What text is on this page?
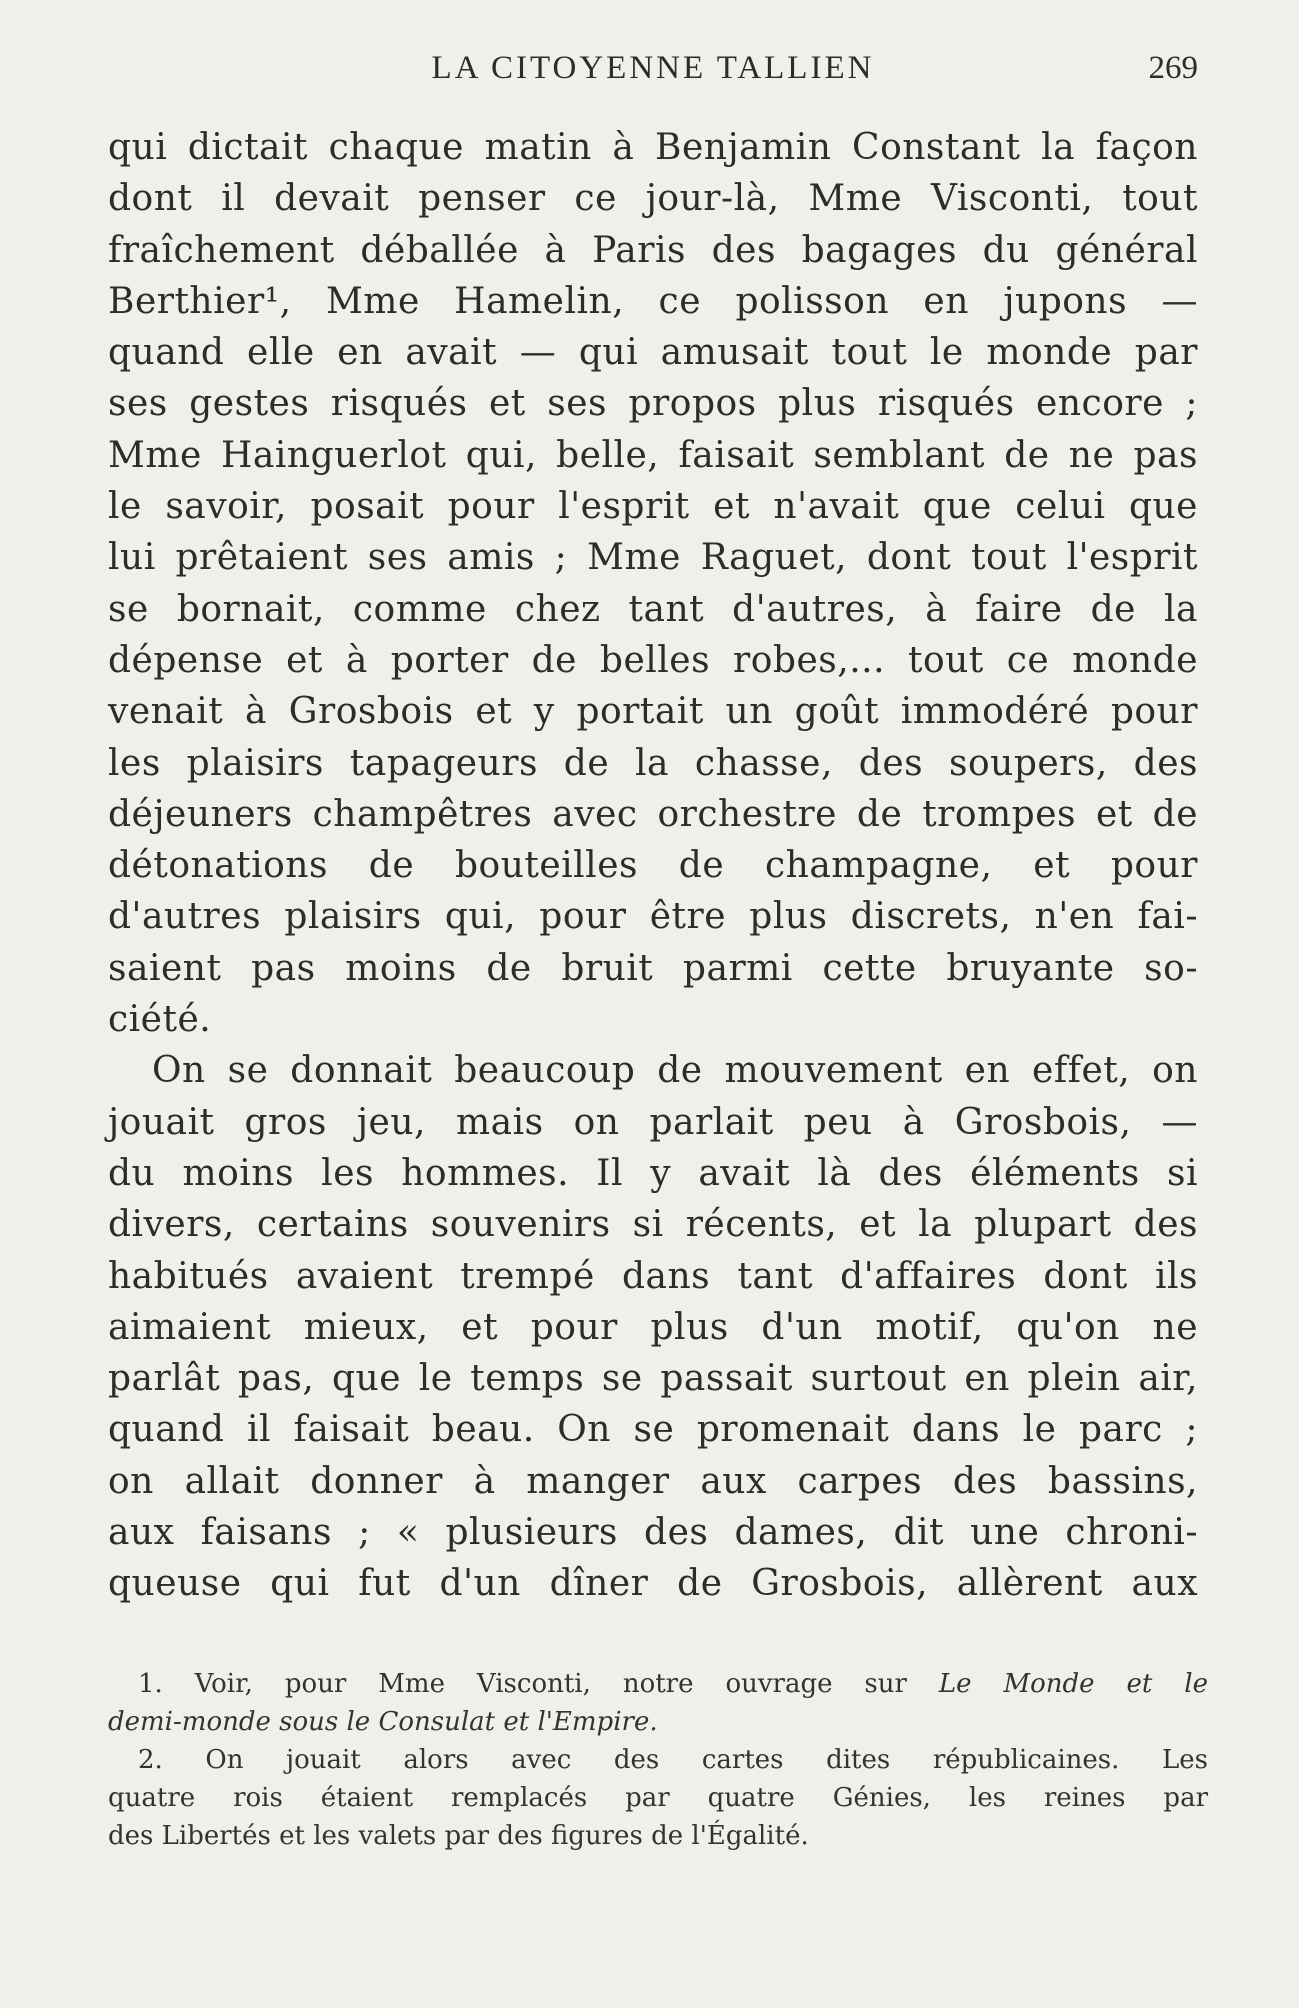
LA CITOYENNE TALLIEN	269
qui dictait chaque matin à Benjamin Constant la façon
dont il devait penser ce jour-là, Mme Visconti, tout
fraîchement déballée à Paris des bagages du général
Berthier¹, Mme Hamelin, ce polisson en jupons —
quand elle en avait — qui amusait tout le monde par
ses gestes risqués et ses propos plus risqués encore ;
Mme Hainguerlot qui, belle, faisait semblant de ne pas
le savoir, posait pour l'esprit et n'avait que celui que
lui prêtaient ses amis ; Mme Raguet, dont tout l'esprit
se bornait, comme chez tant d'autres, à faire de la
dépense et à porter de belles robes,... tout ce monde
venait à Grosbois et y portait un goût immodéré pour
les plaisirs tapageurs de la chasse, des soupers, des
déjeuners champêtres avec orchestre de trompes et de
détonations de bouteilles de champagne, et pour
d'autres plaisirs qui, pour être plus discrets, n'en fai-
saient pas moins de bruit parmi cette bruyante so-
ciété.
On se donnait beaucoup de mouvement en effet, on
jouait gros jeu, mais on parlait peu à Grosbois, —
du moins les hommes. Il y avait là des éléments si
divers, certains souvenirs si récents, et la plupart des
habitués avaient trempé dans tant d'affaires dont ils
aimaient mieux, et pour plus d'un motif, qu'on ne
parlât pas, que le temps se passait surtout en plein air,
quand il faisait beau. On se promenait dans le parc ;
on allait donner à manger aux carpes des bassins,
aux faisans ; « plusieurs des dames, dit une chroni-
queuse qui fut d'un dîner de Grosbois, allèrent aux
1. Voir, pour Mme Visconti, notre ouvrage sur Le Monde et le
demi-monde sous le Consulat et l'Empire.
2. On jouait alors avec des cartes dites républicaines. Les
quatre rois étaient remplacés par quatre Génies, les reines par
des Libertés et les valets par des figures de l'Égalité.
